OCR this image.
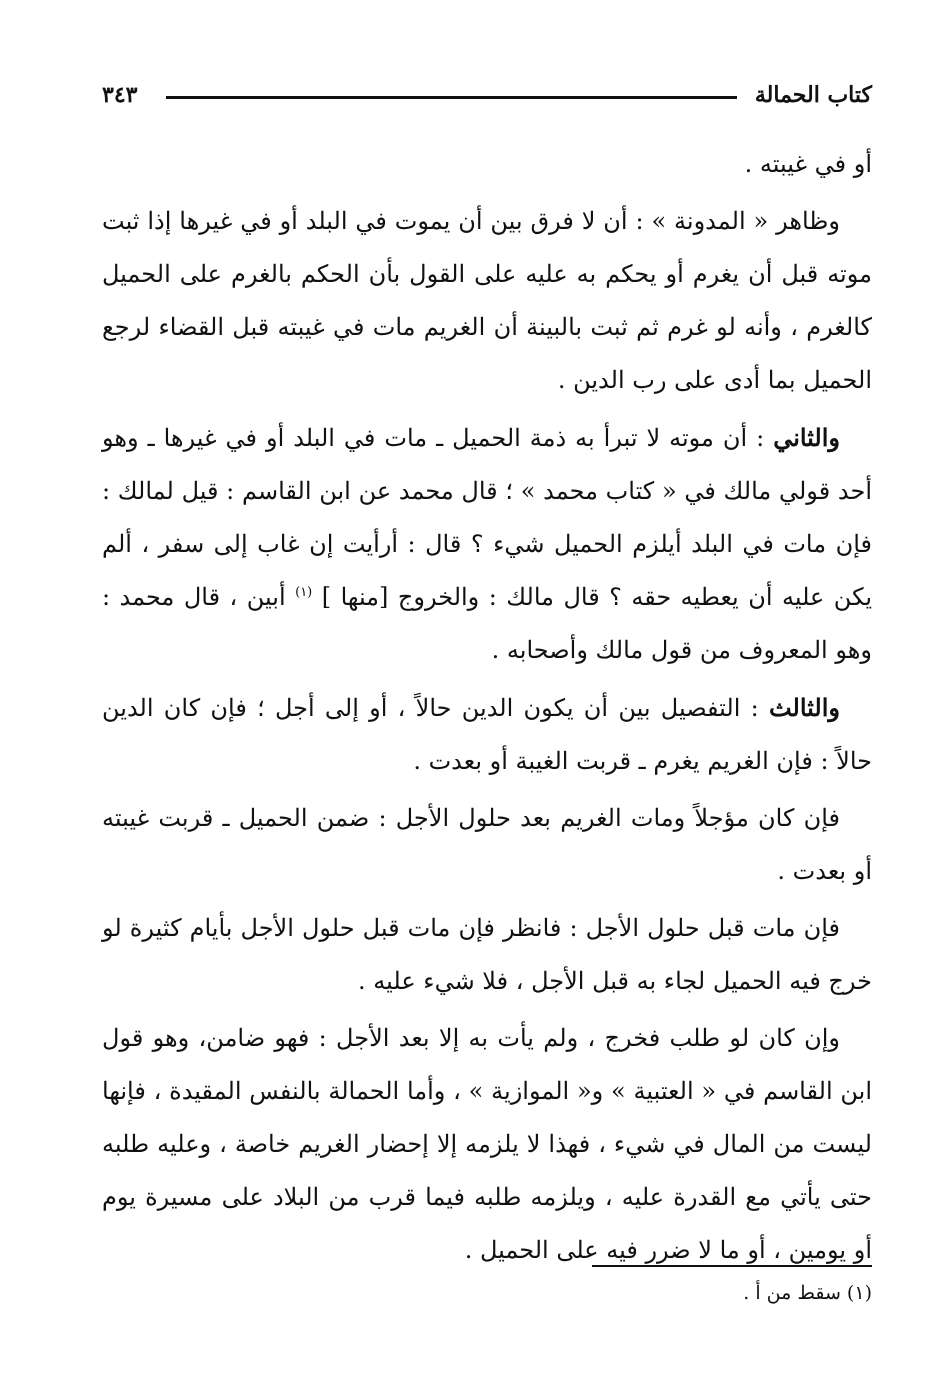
كتاب الحمالة
٣٤٣

أو في غيبته .

وظاهر « المدونة » : أن لا فرق بين أن يموت في البلد أو في غيرها إذا ثبت موته قبل أن يغرم أو يحكم به عليه على القول بأن الحكم بالغرم على الحميل كالغرم ، وأنه لو غرم ثم ثبت بالبينة أن الغريم مات في غيبته قبل القضاء لرجع الحميل بما أدى على رب الدين .

والثاني : أن موته لا تبرأ به ذمة الحميل ـ مات في البلد أو في غيرها ـ وهو أحد قولي مالك في « كتاب محمد » ؛ قال محمد عن ابن القاسم : قيل لمالك : فإن مات في البلد أيلزم الحميل شيء ؟ قال : أرأيت إن غاب إلى سفر ، ألم يكن عليه أن يعطيه حقه ؟ قال مالك : والخروج [منها ] $^{(١)}$ أبين ، قال محمد : وهو المعروف من قول مالك وأصحابه .

والثالث : التفصيل بين أن يكون الدين حالاً ، أو إلى أجل ؛ فإن كان الدين حالاً : فإن الغريم يغرم ـ قربت الغيبة أو بعدت .

فإن كان مؤجلاً ومات الغريم بعد حلول الأجل : ضمن الحميل ـ قربت غيبته أو بعدت .

فإن مات قبل حلول الأجل : فانظر فإن مات قبل حلول الأجل بأيام كثيرة لو خرج فيه الحميل لجاء به قبل الأجل ، فلا شيء عليه .

وإن كان لو طلب فخرج ، ولم يأت به إلا بعد الأجل : فهو ضامن، وهو قول ابن القاسم في « العتبية » و« الموازية » ، وأما الحمالة بالنفس المقيدة ، فإنها ليست من المال في شيء ، فهذا لا يلزمه إلا إحضار الغريم خاصة ، وعليه طلبه حتى يأتي مع القدرة عليه ، ويلزمه طلبه فيما قرب من البلاد على مسيرة يوم أو يومين ، أو ما لا ضرر فيه على الحميل .

(١) سقط من أ .
